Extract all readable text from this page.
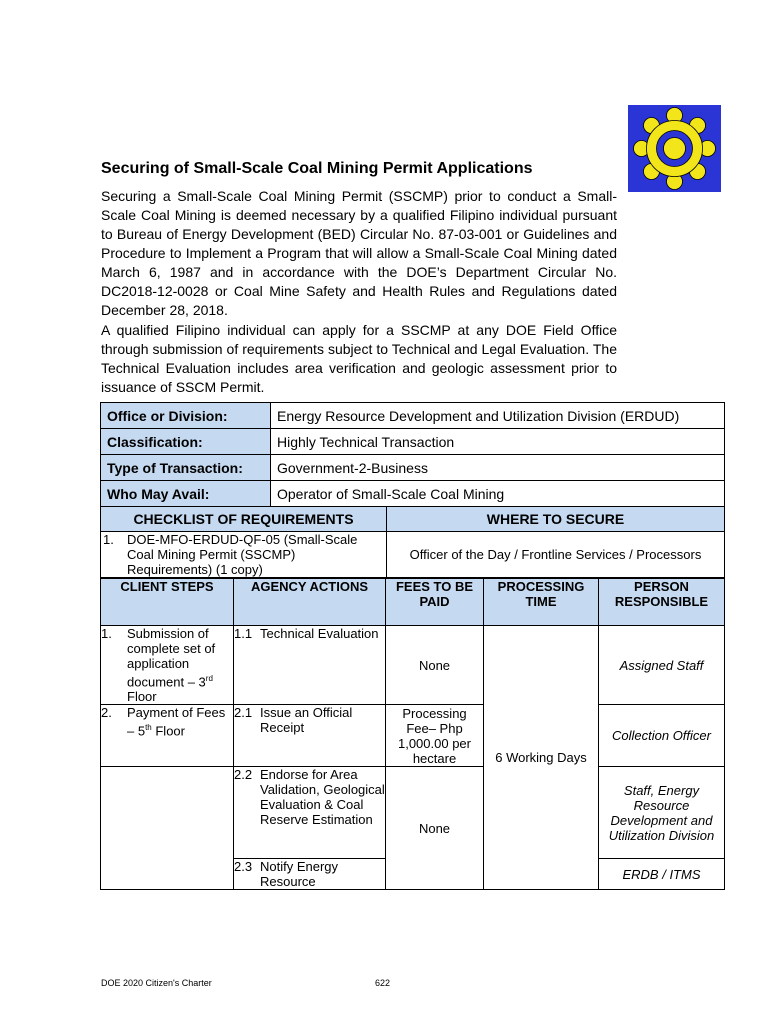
Securing of Small-Scale Coal Mining Permit Applications
Securing a Small-Scale Coal Mining Permit (SSCMP) prior to conduct a Small-Scale Coal Mining is deemed necessary by a qualified Filipino individual pursuant to Bureau of Energy Development (BED) Circular No. 87-03-001 or Guidelines and Procedure to Implement a Program that will allow a Small-Scale Coal Mining dated March 6, 1987 and in accordance with the DOE’s Department Circular No. DC2018-12-0028 or Coal Mine Safety and Health Rules and Regulations dated December 28, 2018.
A qualified Filipino individual can apply for a SSCMP at any DOE Field Office through submission of requirements subject to Technical and Legal Evaluation. The Technical Evaluation includes area verification and geologic assessment prior to issuance of SSCM Permit.
Office or Division:	Energy Resource Development and Utilization Division (ERDUD)
Classification:	Highly Technical Transaction
Type of Transaction:	Government-2-Business
Who May Avail:	Operator of Small-Scale Coal Mining
CHECKLIST OF REQUIREMENTS	WHERE TO SECURE

1. DOE-MFO-ERDUD-QF-05 (Small-Scale Coal Mining Permit (SSCMP) Requirements) (1 copy)	Officer of the Day / Frontline Services / Processors
CLIENT STEPS	AGENCY ACTIONS	FEES TO BE PAID	PROCESSING TIME	PERSON RESPONSIBLE

1. Submission of complete set of application document – 3rd Floor	1.1 Technical Evaluation	None	6 Working Days	Assigned Staff

2. Payment of Fees – 5th Floor	2.1 Issue an Official Receipt	Processing Fee– Php 1,000.00 per hectare		Collection Officer

	2.2 Endorse for Area Validation, Geological Evaluation & Coal Reserve Estimation	None		Staff, Energy Resource Development and Utilization Division

	2.3 Notify Energy Resource			ERDB / ITMS
DOE 2020 Citizen's Charter	622
